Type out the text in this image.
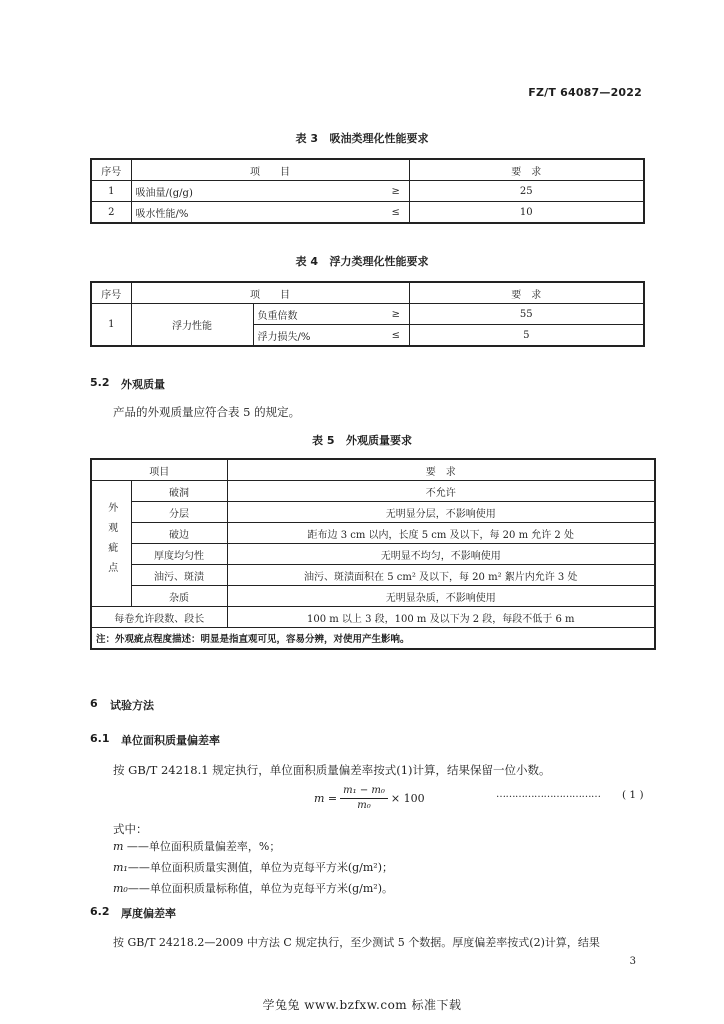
FZ/T 64087—2022
表 3   吸油类理化性能要求
序号	项　　目		要　求
1	吸油量/(g/g)	≥	25
2	吸水性能/%	≤	10
表 4   浮力类理化性能要求
序号	项　　目			要　求
1	浮力性能	负重倍数	≥	55
		浮力损失/%	≤	5
5.2 外观质量
产品的外观质量应符合表 5 的规定。
表 5   外观质量要求
项目		要　求
外观疵点	破洞	不允许
	分层	无明显分层，不影响使用
	破边	距布边 3 cm 以内，长度 5 cm 及以下，每 20 m 允许 2 处
	厚度均匀性	无明显不均匀，不影响使用
	油污、斑渍	油污、斑渍面积在 5 cm² 及以下，每 20 m² 絮片内允许 3 处
	杂质	无明显杂质，不影响使用
每卷允许段数、段长		100 m 以上 3 段，100 m 及以下为 2 段，每段不低于 6 m
注：外观疵点程度描述：明显是指直观可见，容易分辨，对使用产生影响。		
6 试验方法
6.1 单位面积质量偏差率
按 GB/T 24218.1 规定执行，单位面积质量偏差率按式(1)计算，结果保留一位小数。
$m = \frac{\text{m₁ − m₀}}{\text{m₀}} \times 100$	…………………………… ( 1 )
式中：
m ——单位面积质量偏差率，%；
m₁——单位面积质量实测值，单位为克每平方米(g/m²)；
m₀——单位面积质量标称值，单位为克每平方米(g/m²)。
6.2 厚度偏差率
按 GB/T 24218.2—2009 中方法 C 规定执行，至少测试 5 个数据。厚度偏差率按式(2)计算，结果
3
学兔兔 www.bzfxw.com 标准下载
